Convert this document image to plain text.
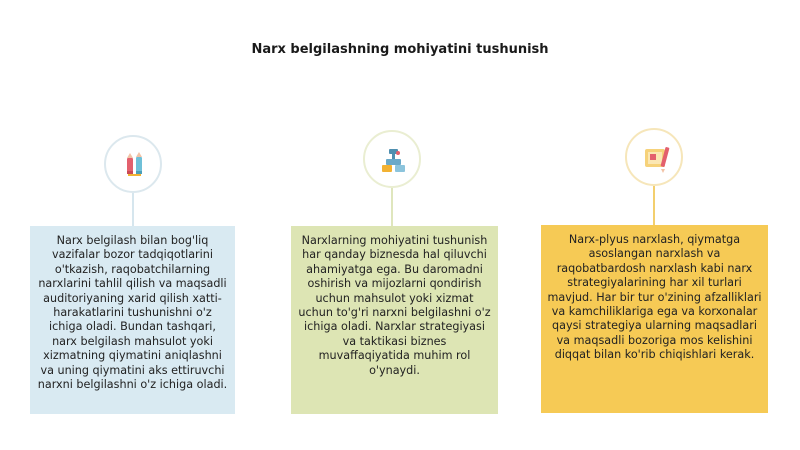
Narx belgilashning mohiyatini tushunish
Narx belgilash bilan bog'liq vazifalar bozor tadqiqotlarini o'tkazish, raqobatchilarning narxlarini tahlil qilish va maqsadli auditoriyaning xarid qilish xatti-harakatlarini tushunishni o'z ichiga oladi. Bundan tashqari, narx belgilash mahsulot yoki xizmatning qiymatini aniqlashni va uning qiymatini aks ettiruvchi narxni belgilashni o'z ichiga oladi.
Narxlarning mohiyatini tushunish har qanday biznesda hal qiluvchi ahamiyatga ega. Bu daromadni oshirish va mijozlarni qondirish uchun mahsulot yoki xizmat uchun to'g'ri narxni belgilashni o'z ichiga oladi. Narxlar strategiyasi va taktikasi biznes muvaffaqiyatida muhim rol o'ynaydi.
Narx-plyus narxlash, qiymatga asoslangan narxlash va raqobatbardosh narxlash kabi narx strategiyalarining har xil turlari mavjud. Har bir tur o'zining afzalliklari va kamchiliklariga ega va korxonalar qaysi strategiya ularning maqsadlari va maqsadli bozoriga mos kelishini diqqat bilan ko'rib chiqishlari kerak.
